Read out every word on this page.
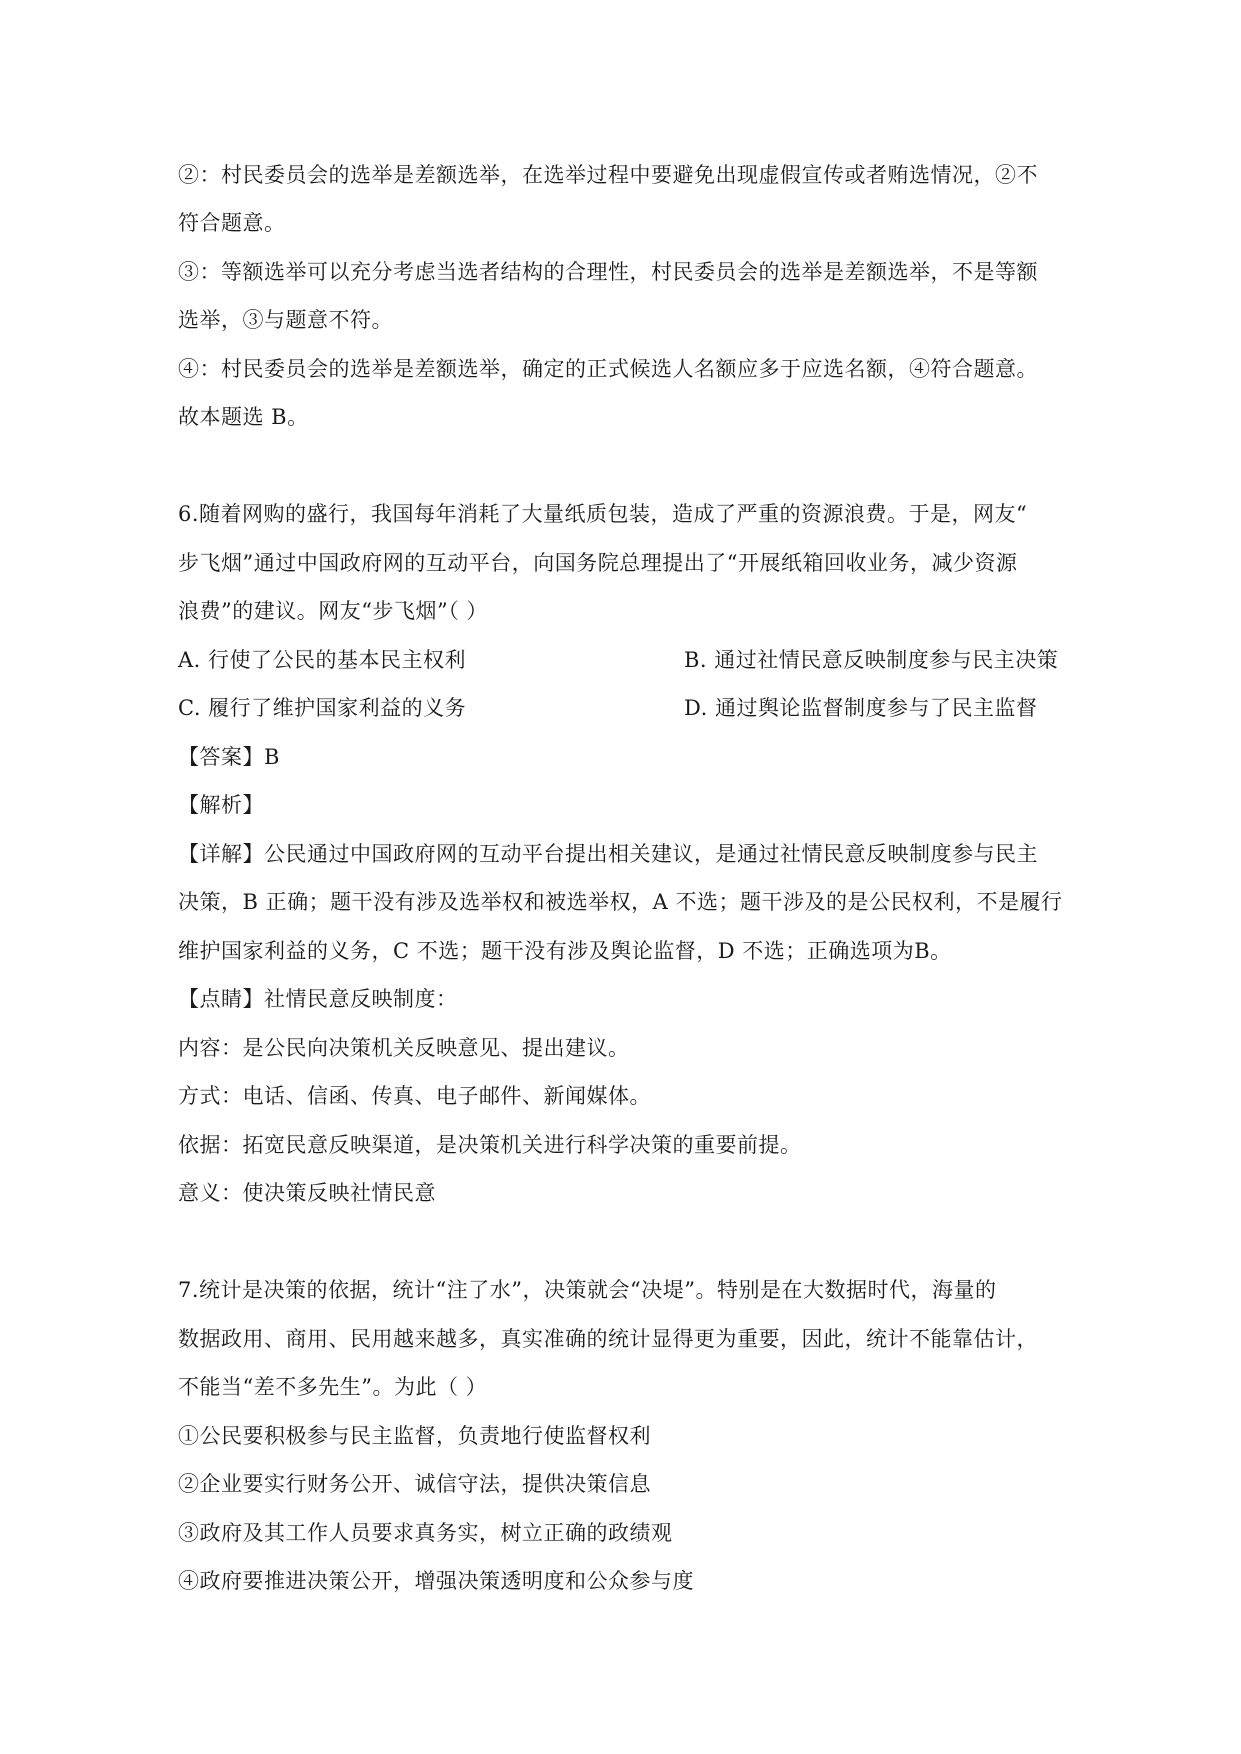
②：村民委员会的选举是差额选举，在选举过程中要避免出现虚假宣传或者贿选情况，②不
符合题意。
③：等额选举可以充分考虑当选者结构的合理性，村民委员会的选举是差额选举，不是等额
选举，③与题意不符。
④：村民委员会的选举是差额选举，确定的正式候选人名额应多于应选名额，④符合题意。
故本题选 B。
6.随着网购的盛行，我国每年消耗了大量纸质包装，造成了严重的资源浪费。于是，网友“
步飞烟”通过中国政府网的互动平台，向国务院总理提出了“开展纸箱回收业务，减少资源
浪费”的建议。网友“步飞烟”（ ）
A. 行使了公民的基本民主权利	B. 通过社情民意反映制度参与民主决策
C. 履行了维护国家利益的义务	D. 通过舆论监督制度参与了民主监督
【答案】B
【解析】
【详解】公民通过中国政府网的互动平台提出相关建议，是通过社情民意反映制度参与民主
决策，B 正确；题干没有涉及选举权和被选举权，A 不选；题干涉及的是公民权利，不是履行
维护国家利益的义务，C 不选；题干没有涉及舆论监督，D 不选；正确选项为B。
【点睛】社情民意反映制度：
内容：是公民向决策机关反映意见、提出建议。
方式：电话、信函、传真、电子邮件、新闻媒体。
依据：拓宽民意反映渠道，是决策机关进行科学决策的重要前提。
意义：使决策反映社情民意
7.统计是决策的依据，统计“注了水”，决策就会“决堤”。特别是在大数据时代，海量的
数据政用、商用、民用越来越多，真实准确的统计显得更为重要，因此，统计不能靠估计，
不能当“差不多先生”。为此（ ）
①公民要积极参与民主监督，负责地行使监督权利
②企业要实行财务公开、诚信守法，提供决策信息
③政府及其工作人员要求真务实，树立正确的政绩观
④政府要推进决策公开，增强决策透明度和公众参与度
